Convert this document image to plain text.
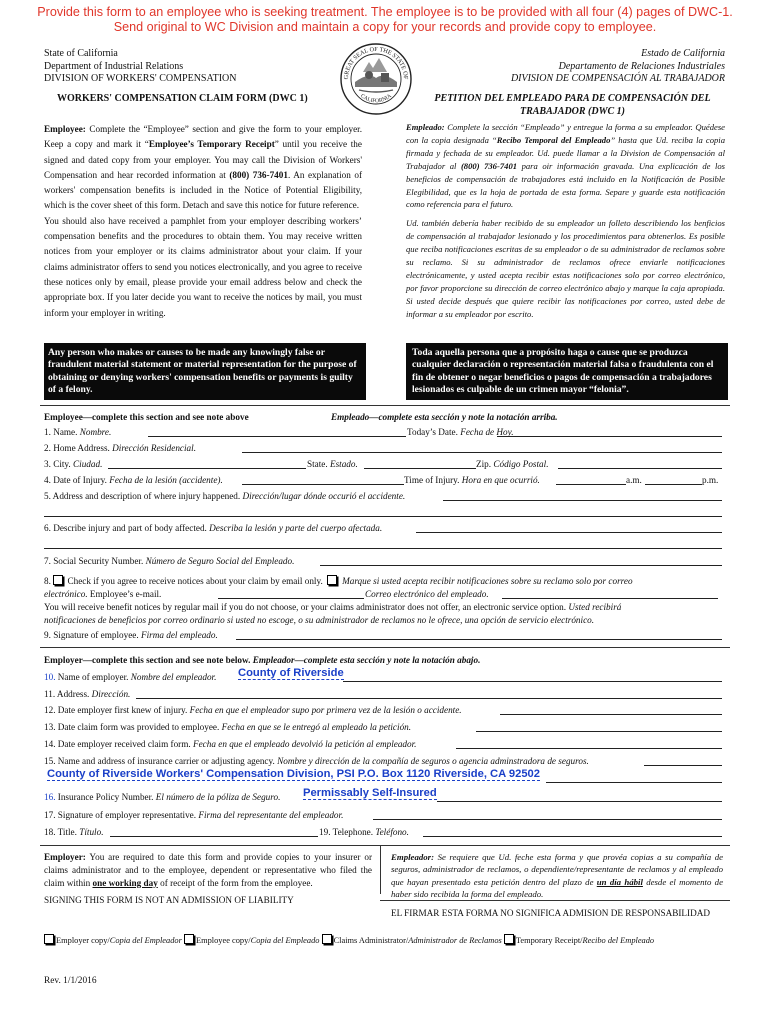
Provide this form to an employee who is seeking treatment. The employee is to be provided with all four (4) pages of DWC-1.
Send original to WC Division and maintain a copy for your records and provide copy to employee.
State of California
Department of Industrial Relations
DIVISION OF WORKERS' COMPENSATION
Estado de California
Departamento de Relaciones Industriales
DIVISION DE COMPENSACIÓN AL TRABAJADOR
GREAT SEAL OF THE STATE OF
CALIFORNIA
WORKERS' COMPENSATION CLAIM FORM (DWC 1)	PETITION DEL EMPLEADO PARA DE COMPENSACIÓN DEL TRABAJADOR (DWC 1)
Employee: Complete the “Employee” section and give the form to your employer. Keep a copy and mark it “Employee’s Temporary Receipt” until you receive the signed and dated copy from your employer. You may call the Division of Workers' Compensation and hear recorded information at (800) 736-7401. An explanation of workers' compensation benefits is included in the Notice of Potential Eligibility, which is the cover sheet of this form. Detach and save this notice for future reference.
You should also have received a pamphlet from your employer describing workers’ compensation benefits and the procedures to obtain them. You may receive written notices from your employer or its claims administrator about your claim. If your claims administrator offers to send you notices electronically, and you agree to receive these notices only by email, please provide your email address below and check the appropriate box. If you later decide you want to receive the notices by mail, you must inform your employer in writing.
Empleado: Complete la sección “Empleado” y entregue la forma a su empleador. Quédese con la copia designada “Recibo Temporal del Empleado” hasta que Ud. reciba la copia firmada y fechada de su empleador. Ud. puede llamar a la Division de Compensación al Trabajador al (800) 736-7401 para oir información gravada. Una explicación de los beneficios de compensación de trabajadores está incluido en la Notificación de Posible Elegibilidad, que es la hoja de portada de esta forma. Separe y guarde esta notificación como referencia para el futuro.
Ud. también debería haber recibido de su empleador un folleto describiendo los benficios de compensación al trabajador lesionado y los procedimientos para obtenerlos. Es posible que reciba notificaciones escritas de su empleador o de su administrador de reclamos sobre su reclamo. Si su administrador de reclamos ofrece enviarle notificaciones electrónicamente, y usted acepta recibir estas notificaciones solo por correo electrónico, por favor proporcione su dirección de correo electrónico abajo y marque la caja apropiada. Si usted decide después que quiere recibir las notificaciones por correo, usted debe de informar a su empleador por escrito.
Any person who makes or causes to be made any knowingly false or fraudulent material statement or material representation for the purpose of obtaining or denying workers' compensation benefits or payments is guilty of a felony.
Toda aquella persona que a propósito haga o cause que se produzca cualquier declaración o representación material falsa o fraudulenta con el fin de obtener o negar beneficios o pagos de compensación a trabajadores lesionados es culpable de un crimen mayor “felonia”.
Employee—complete this section and see note above	Empleado—complete esta sección y note la notación arriba.
1. Name. Nombre.	Today’s Date. Fecha de Hoy.
2. Home Address. Dirección Residencial.
3. City. Ciudad.	State. Estado.	Zip. Código Postal.
4. Date of Injury. Fecha de la lesión (accidente).	Time of Injury. Hora en que ocurrió.	a.m.	p.m.
5. Address and description of where injury happened. Dirección/lugar dónde occurió el accidente.
6. Describe injury and part of body affected. Describa la lesión y parte del cuerpo afectada.
7. Social Security Number. Número de Seguro Social del Empleado.
8.  Check if you agree to receive notices about your claim by email only. Marque si usted acepta recibir notificaciones sobre su reclamo solo por correo
electrónico. Employee’s e-mail.	Correo electrónico del empleado.
You will receive benefit notices by regular mail if you do not choose, or your claims administrator does not offer, an electronic service option. Usted recibirá
notificaciones de beneficios por correo ordinario si usted no escoge, o su administrador de reclamos no le ofrece, una opción de servicio electrónico.
9. Signature of employee. Firma del empleado.
Employer—complete this section and see note below. Empleador—complete esta sección y note la notación abajo.
10. Name of employer. Nombre del empleador. County of Riverside
11. Address. Dirección.
12. Date employer first knew of injury. Fecha en que el empleador supo por primera vez de la lesión o accidente.
13. Date claim form was provided to employee. Fecha en que se le entregó al empleado la petición.
14. Date employer received claim form. Fecha en que el empleado devolvió la petición al empleador.
15. Name and address of insurance carrier or adjusting agency. Nombre y dirección de la compañía de seguros o agencia adminstradora de seguros.
County of Riverside Workers' Compensation Division, PSI P.O. Box 1120 Riverside, CA 92502
16. Insurance Policy Number. El número de la póliza de Seguro. Permissably Self-Insured
17. Signature of employer representative. Firma del representante del empleador.
18. Title. Título.	19. Telephone. Teléfono.
Employer: You are required to date this form and provide copies to your insurer or claims administrator and to the employee, dependent or representative who filed the claim within one working day of receipt of the form from the employee.
SIGNING THIS FORM IS NOT AN ADMISSION OF LIABILITY
Empleador: Se requiere que Ud. feche esta forma y que provéa copias a su compañía de seguros, administrador de reclamos, o dependiente/representante de reclamos y al empleado que hayan presentado esta petición dentro del plazo de un día hábil desde el momento de haber sido recibida la forma del empleado.
EL FIRMAR ESTA FORMA NO SIGNIFICA ADMISION DE RESPONSABILIDAD
Employer copy/Copia del Empleador Employee copy/Copia del Empleado Claims Administrator/Administrador de Reclamos Temporary Receipt/Recibo del Empleado
Rev. 1/1/2016
